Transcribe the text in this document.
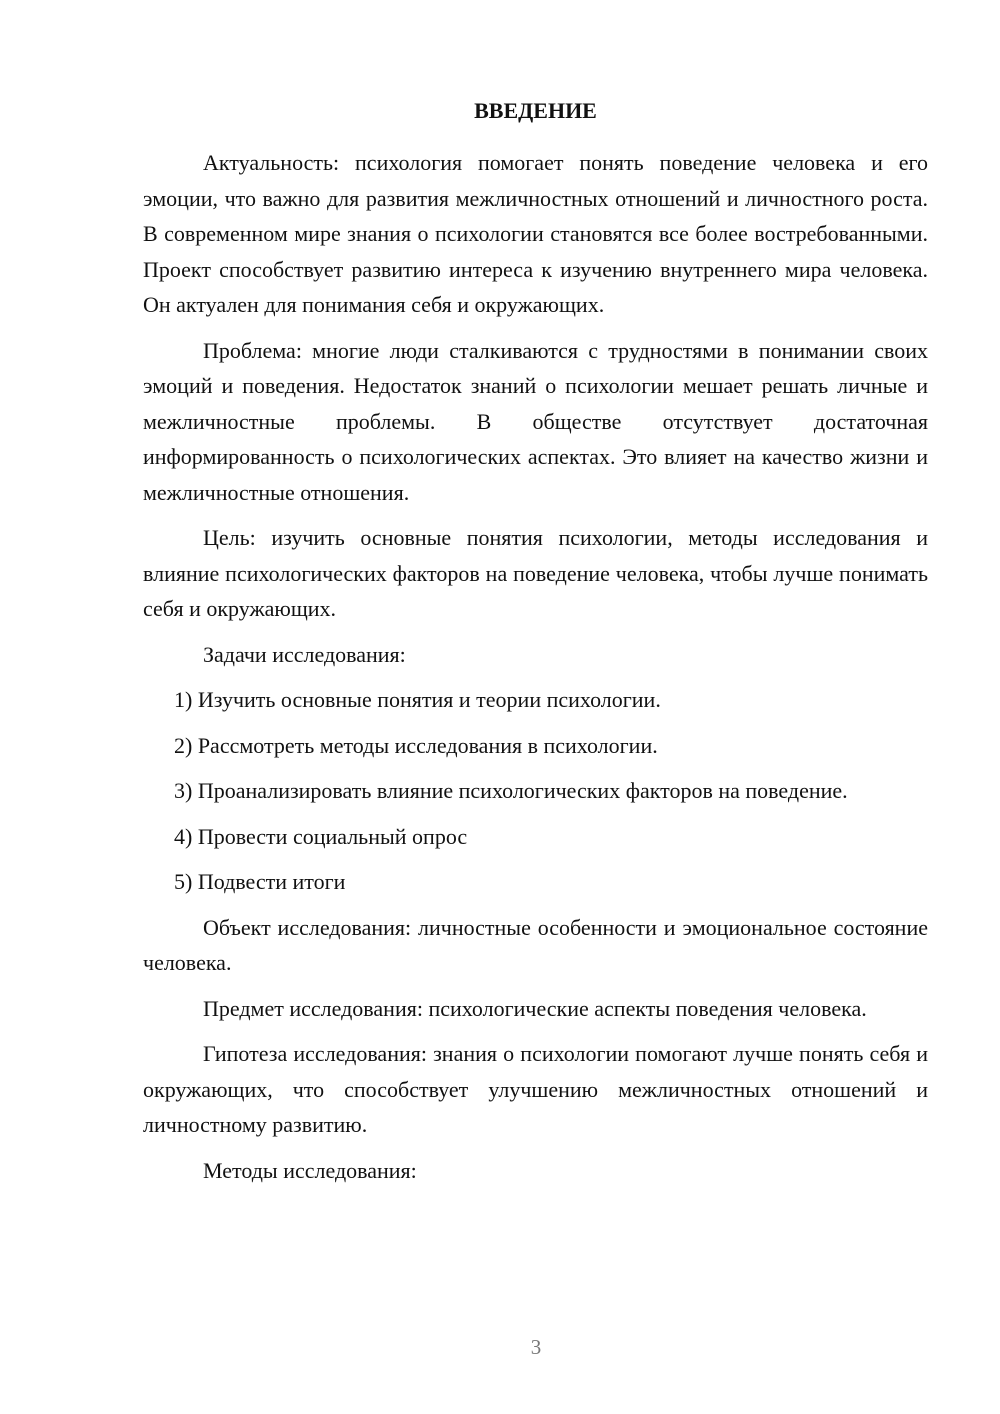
ВВЕДЕНИЕ

Актуальность: психология помогает понять поведение человека и его эмоции, что важно для развития межличностных отношений и личностного роста. В современном мире знания о психологии становятся все более востребованными. Проект способствует развитию интереса к изучению внутреннего мира человека. Он актуален для понимания себя и окружающих.

Проблема: многие люди сталкиваются с трудностями в понимании своих эмоций и поведения. Недостаток знаний о психологии мешает решать личные и межличностные проблемы. В обществе отсутствует достаточная информированность о психологических аспектах. Это влияет на качество жизни и межличностные отношения.

Цель: изучить основные понятия психологии, методы исследования и влияние психологических факторов на поведение человека, чтобы лучше понимать себя и окружающих.

Задачи исследования:

1) Изучить основные понятия и теории психологии.

2) Рассмотреть методы исследования в психологии.

3) Проанализировать влияние психологических факторов на поведение.

4) Провести социальный опрос

5) Подвести итоги

Объект исследования: личностные особенности и эмоциональное состояние человека.

Предмет исследования: психологические аспекты поведения человека.

Гипотеза исследования: знания о психологии помогают лучше понять себя и окружающих, что способствует улучшению межличностных отношений и личностному развитию.

Методы исследования:

3
